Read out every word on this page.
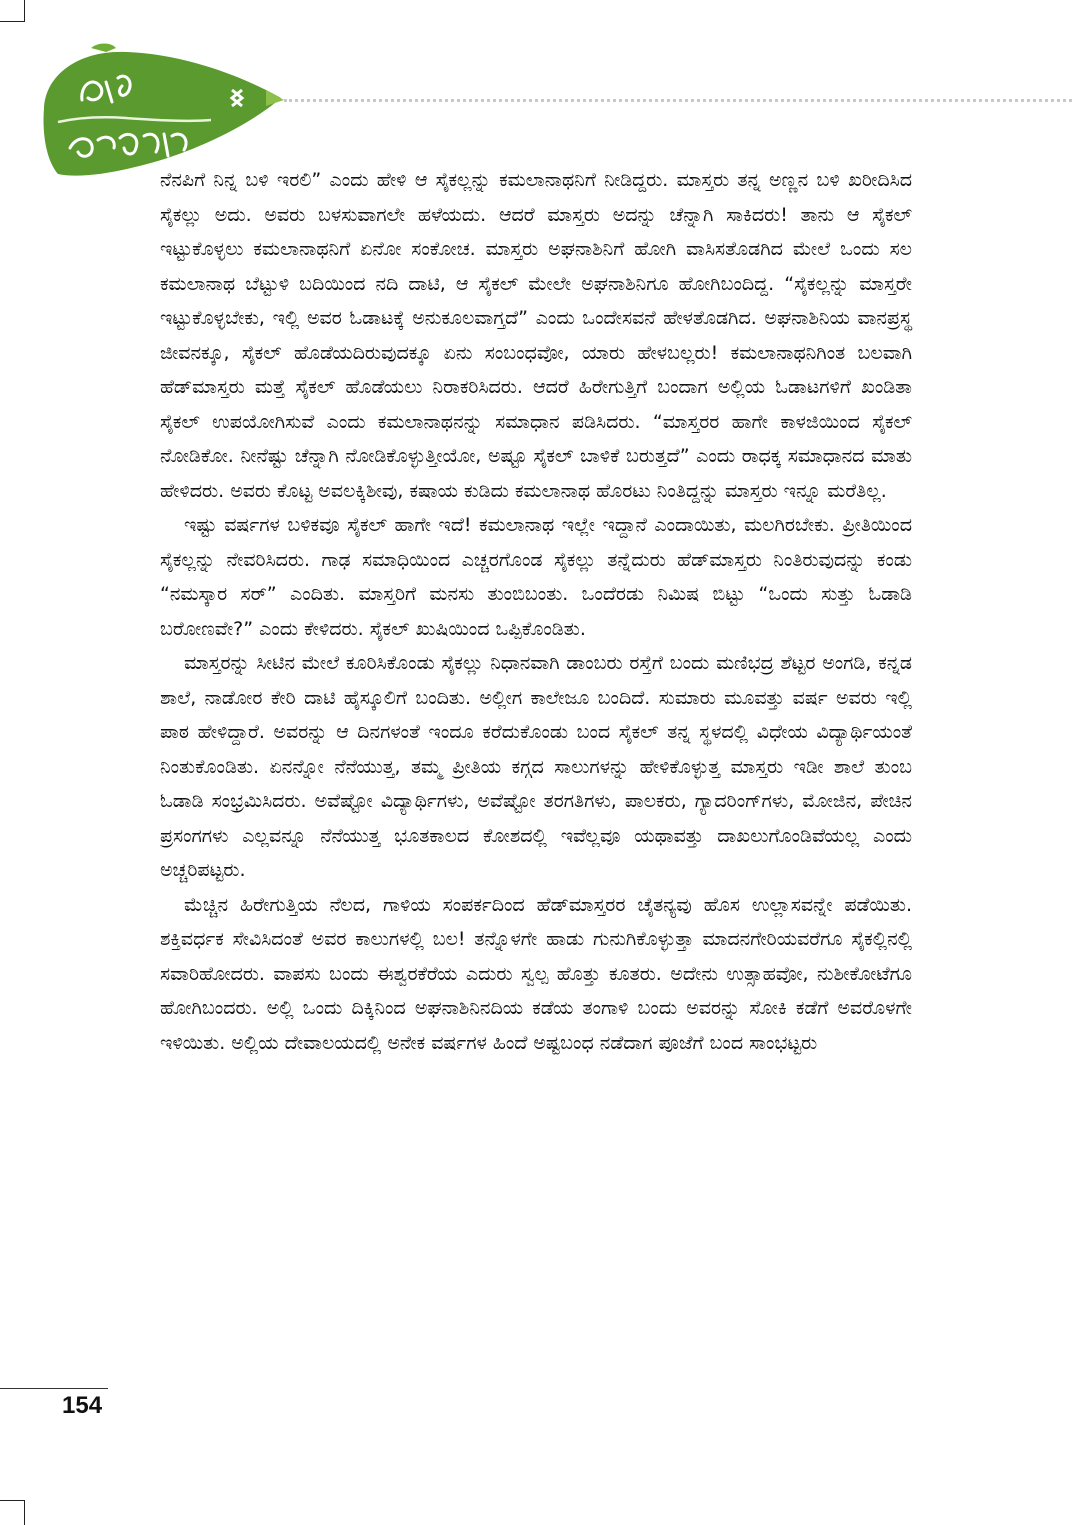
ಆ ಸಹ್ಯರಿ

ನೆನಪಿಗೆ ನಿನ್ನ ಬಳಿ ಇರಲಿ” ಎಂದು ಹೇಳಿ ಆ ಸೈಕಲ್ಲನ್ನು ಕಮಲಾನಾಥನಿಗೆ ನೀಡಿದ್ದರು. ಮಾಸ್ತರು ತನ್ನ ಅಣ್ಣನ ಬಳಿ ಖರೀದಿಸಿದ ಸೈಕಲ್ಲು ಅದು. ಅವರು ಬಳಸುವಾಗಲೇ ಹಳೆಯದು. ಆದರೆ ಮಾಸ್ತರು ಅದನ್ನು ಚೆನ್ನಾಗಿ ಸಾಕಿದರು! ತಾನು ಆ ಸೈಕಲ್ ಇಟ್ಟುಕೊಳ್ಳಲು ಕಮಲಾನಾಥನಿಗೆ ಏನೋ ಸಂಕೋಚ. ಮಾಸ್ತರು ಅಘನಾಶಿನಿಗೆ ಹೋಗಿ ವಾಸಿಸತೊಡಗಿದ ಮೇಲೆ ಒಂದು ಸಲ ಕಮಲಾನಾಥ ಬೆಟ್ಟುಳಿ ಬದಿಯಿಂದ ನದಿ ದಾಟಿ, ಆ ಸೈಕಲ್ ಮೇಲೇ ಅಘನಾಶಿನಿಗೂ ಹೋಗಿಬಂದಿದ್ದ. “ಸೈಕಲ್ಲನ್ನು ಮಾಸ್ತರೇ ಇಟ್ಟುಕೊಳ್ಳಬೇಕು, ಇಲ್ಲಿ ಅವರ ಓಡಾಟಕ್ಕೆ ಅನುಕೂಲವಾಗ್ತದೆ” ಎಂದು ಒಂದೇಸವನೆ ಹೇಳತೊಡಗಿದ. ಅಘನಾಶಿನಿಯ ವಾನಪ್ರಸ್ಥ ಜೀವನಕ್ಕೂ, ಸೈಕಲ್ ಹೊಡೆಯದಿರುವುದಕ್ಕೂ ಏನು ಸಂಬಂಧವೋ, ಯಾರು ಹೇಳಬಲ್ಲರು! ಕಮಲಾನಾಥನಿಗಿಂತ ಬಲವಾಗಿ ಹೆಡ್‌ಮಾಸ್ತರು ಮತ್ತೆ ಸೈಕಲ್ ಹೊಡೆಯಲು ನಿರಾಕರಿಸಿದರು. ಆದರೆ ಹಿರೇಗುತ್ತಿಗೆ ಬಂದಾಗ ಅಲ್ಲಿಯ ಓಡಾಟಗಳಿಗೆ ಖಂಡಿತಾ ಸೈಕಲ್ ಉಪಯೋಗಿಸುವೆ ಎಂದು ಕಮಲಾನಾಥನನ್ನು ಸಮಾಧಾನ ಪಡಿಸಿದರು. “ಮಾಸ್ತರರ ಹಾಗೇ ಕಾಳಜಿಯಿಂದ ಸೈಕಲ್ ನೋಡಿಕೋ. ನೀನೆಷ್ಟು ಚೆನ್ನಾಗಿ ನೋಡಿಕೊಳ್ಳುತ್ತೀಯೋ, ಅಷ್ಟೂ ಸೈಕಲ್ ಬಾಳಿಕೆ ಬರುತ್ತದೆ” ಎಂದು ರಾಧಕ್ಕ ಸಮಾಧಾನದ ಮಾತು ಹೇಳಿದರು. ಅವರು ಕೊಟ್ಟ ಅವಲಕ್ಕಿಶೀವು, ಕಷಾಯ ಕುಡಿದು ಕಮಲಾನಾಥ ಹೊರಟು ನಿಂತಿದ್ದನ್ನು ಮಾಸ್ತರು ಇನ್ನೂ ಮರೆತಿಲ್ಲ.

ಇಷ್ಟು ವರ್ಷಗಳ ಬಳಿಕವೂ ಸೈಕಲ್ ಹಾಗೇ ಇದೆ! ಕಮಲಾನಾಥ ಇಲ್ಲೇ ಇದ್ದಾನೆ ಎಂದಾಯಿತು, ಮಲಗಿರಬೇಕು. ಪ್ರೀತಿಯಿಂದ ಸೈಕಲ್ಲನ್ನು ನೇವರಿಸಿದರು. ಗಾಢ ಸಮಾಧಿಯಿಂದ ಎಚ್ಚರಗೊಂಡ ಸೈಕಲ್ಲು ತನ್ನೆದುರು ಹೆಡ್‌ಮಾಸ್ತರು ನಿಂತಿರುವುದನ್ನು ಕಂಡು “ನಮಸ್ಕಾರ ಸರ್” ಎಂದಿತು. ಮಾಸ್ತರಿಗೆ ಮನಸು ತುಂಬಿಬಂತು. ಒಂದೆರಡು ನಿಮಿಷ ಬಿಟ್ಟು “ಒಂದು ಸುತ್ತು ಓಡಾಡಿ ಬರೋಣವೇ?” ಎಂದು ಕೇಳಿದರು. ಸೈಕಲ್ ಖುಷಿಯಿಂದ ಒಪ್ಪಿಕೊಂಡಿತು.

ಮಾಸ್ತರನ್ನು ಸೀಟಿನ ಮೇಲೆ ಕೂರಿಸಿಕೊಂಡು ಸೈಕಲ್ಲು ನಿಧಾನವಾಗಿ ಡಾಂಬರು ರಸ್ತೆಗೆ ಬಂದು ಮಣಿಭದ್ರ ಶೆಟ್ಟರ ಅಂಗಡಿ, ಕನ್ನಡ ಶಾಲೆ, ನಾಡೋರ ಕೇರಿ ದಾಟಿ ಹೈಸ್ಕೂಲಿಗೆ ಬಂದಿತು. ಅಲ್ಲೀಗ ಕಾಲೇಜೂ ಬಂದಿದೆ. ಸುಮಾರು ಮೂವತ್ತು ವರ್ಷ ಅವರು ಇಲ್ಲಿ ಪಾಠ ಹೇಳಿದ್ದಾರೆ. ಅವರನ್ನು ಆ ದಿನಗಳಂತೆ ಇಂದೂ ಕರೆದುಕೊಂಡು ಬಂದ ಸೈಕಲ್ ತನ್ನ ಸ್ಥಳದಲ್ಲಿ ವಿಧೇಯ ವಿದ್ಯಾರ್ಥಿಯಂತೆ ನಿಂತುಕೊಂಡಿತು. ಏನನ್ನೋ ನೆನೆಯುತ್ತ, ತಮ್ಮ ಪ್ರೀತಿಯ ಕಗ್ಗದ ಸಾಲುಗಳನ್ನು ಹೇಳಿಕೊಳ್ಳುತ್ತ ಮಾಸ್ತರು ಇಡೀ ಶಾಲೆ ತುಂಬ ಓಡಾಡಿ ಸಂಭ್ರಮಿಸಿದರು. ಅವೆಷ್ಟೋ ವಿದ್ಯಾರ್ಥಿಗಳು, ಅವೆಷ್ಟೋ ತರಗತಿಗಳು, ಪಾಲಕರು, ಗ್ಯಾದರಿಂಗ್‌ಗಳು, ಮೋಜಿನ, ಪೇಚಿನ ಪ್ರಸಂಗಗಳು ಎಲ್ಲವನ್ನೂ ನೆನೆಯುತ್ತ ಭೂತಕಾಲದ ಕೋಶದಲ್ಲಿ ಇವೆಲ್ಲವೂ ಯಥಾವತ್ತು ದಾಖಲುಗೊಂಡಿವೆಯಲ್ಲ ಎಂದು ಅಚ್ಚರಿಪಟ್ಟರು.

ಮೆಚ್ಚಿನ ಹಿರೇಗುತ್ತಿಯ ನೆಲದ, ಗಾಳಿಯ ಸಂಪರ್ಕದಿಂದ ಹೆಡ್‌ಮಾಸ್ತರರ ಚೈತನ್ಯವು ಹೊಸ ಉಲ್ಲಾಸವನ್ನೇ ಪಡೆಯಿತು. ಶಕ್ತಿವರ್ಧಕ ಸೇವಿಸಿದಂತೆ ಅವರ ಕಾಲುಗಳಲ್ಲಿ ಬಲ! ತನ್ನೊಳಗೇ ಹಾಡು ಗುನುಗಿಕೊಳ್ಳುತ್ತಾ ಮಾದನಗೇರಿಯವರೆಗೂ ಸೈಕಲ್ಲಿನಲ್ಲಿ ಸವಾರಿಹೋದರು. ವಾಪಸು ಬಂದು ಈಶ್ವರಕೆರೆಯ ಎದುರು ಸ್ವಲ್ಪ ಹೊತ್ತು ಕೂತರು. ಅದೇನು ಉತ್ಸಾಹವೋ, ನುಶೀಕೋಟೆಗೂ ಹೋಗಿಬಂದರು. ಅಲ್ಲಿ ಒಂದು ದಿಕ್ಕಿನಿಂದ ಅಘನಾಶಿನಿನದಿಯ ಕಡೆಯ ತಂಗಾಳಿ ಬಂದು ಅವರನ್ನು ಸೋಕಿ ಕಡೆಗೆ ಅವರೊಳಗೇ ಇಳಿಯಿತು. ಅಲ್ಲಿಯ ದೇವಾಲಯದಲ್ಲಿ ಅನೇಕ ವರ್ಷಗಳ ಹಿಂದೆ ಅಷ್ಟಬಂಧ ನಡೆದಾಗ ಪೂಜೆಗೆ ಬಂದ ಸಾಂಭಟ್ಟರು

154
